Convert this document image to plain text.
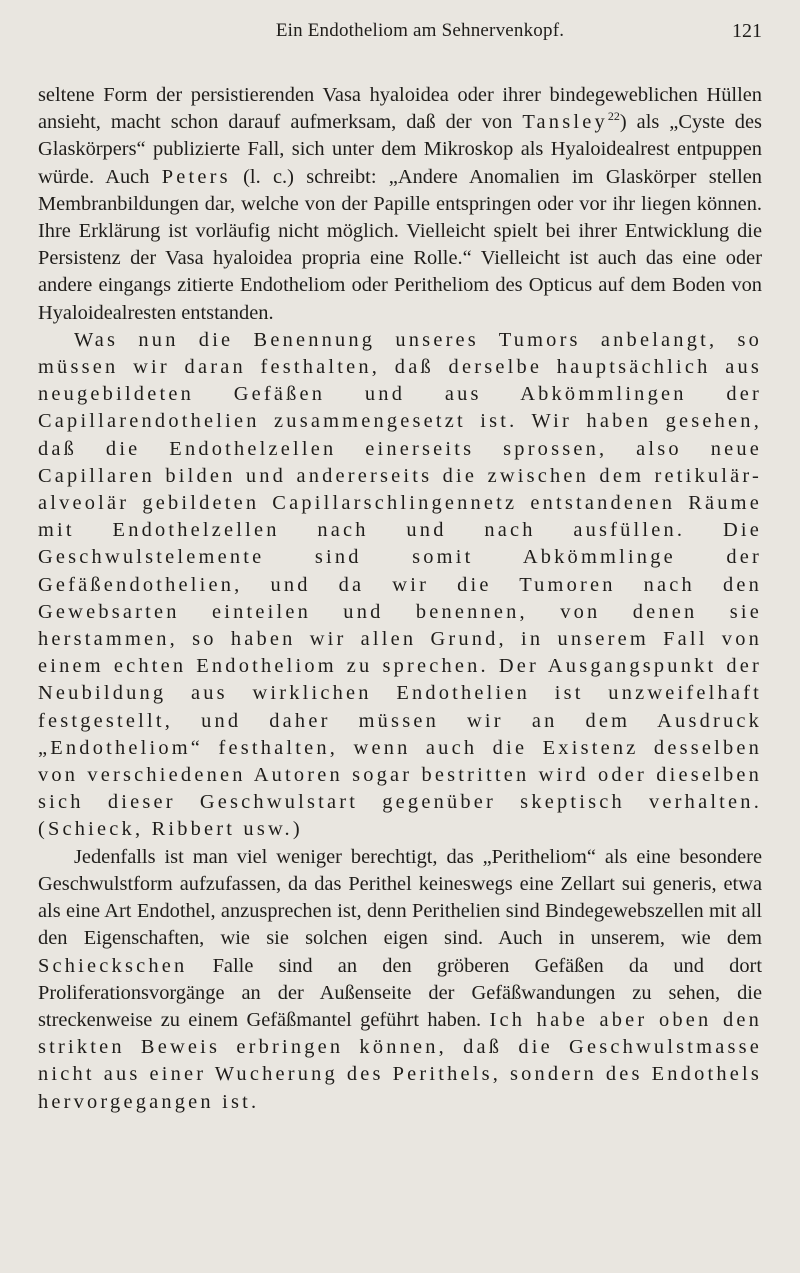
Ein Endotheliom am Sehnervenkopf.	121

seltene Form der persistierenden Vasa hyaloidea oder ihrer bindegeweblichen Hüllen ansieht, macht schon darauf aufmerksam, daß der von Tansley$^{22}$) als „Cyste des Glaskörpers“ publizierte Fall, sich unter dem Mikroskop als Hyaloidealrest entpuppen würde. Auch Peters (l. c.) schreibt: „Andere Anomalien im Glaskörper stellen Membranbildungen dar, welche von der Papille entspringen oder vor ihr liegen können. Ihre Erklärung ist vorläufig nicht möglich. Vielleicht spielt bei ihrer Entwicklung die Persistenz der Vasa hyaloidea propria eine Rolle.“ Vielleicht ist auch das eine oder andere eingangs zitierte Endotheliom oder Peritheliom des Opticus auf dem Boden von Hyaloidealresten entstanden.

Was nun die Benennung unseres Tumors anbelangt, so müssen wir daran festhalten, daß derselbe hauptsächlich aus neugebildeten Gefäßen und aus Abkömmlingen der Capillarendothelien zusammengesetzt ist. Wir haben gesehen, daß die Endothelzellen einerseits sprossen, also neue Capillaren bilden und andererseits die zwischen dem retikulär-alveolär gebildeten Capillarschlingennetz entstandenen Räume mit Endothelzellen nach und nach ausfüllen. Die Geschwulstelemente sind somit Abkömmlinge der Gefäßendothelien, und da wir die Tumoren nach den Gewebsarten einteilen und benennen, von denen sie herstammen, so haben wir allen Grund, in unserem Fall von einem echten Endotheliom zu sprechen. Der Ausgangspunkt der Neubildung aus wirklichen Endothelien ist unzweifelhaft festgestellt, und daher müssen wir an dem Ausdruck „Endotheliom“ festhalten, wenn auch die Existenz desselben von verschiedenen Autoren sogar bestritten wird oder dieselben sich dieser Geschwulstart gegenüber skeptisch verhalten. (Schieck, Ribbert usw.)

Jedenfalls ist man viel weniger berechtigt, das „Peritheliom“ als eine besondere Geschwulstform aufzufassen, da das Perithel keineswegs eine Zellart sui generis, etwa als eine Art Endothel, anzusprechen ist, denn Perithelien sind Bindegewebszellen mit all den Eigenschaften, wie sie solchen eigen sind. Auch in unserem, wie dem Schieckschen Falle sind an den gröberen Gefäßen da und dort Proliferationsvorgänge an der Außenseite der Gefäßwandungen zu sehen, die streckenweise zu einem Gefäßmantel geführt haben. Ich habe aber oben den strikten Beweis erbringen können, daß die Geschwulstmasse nicht aus einer Wucherung des Perithels, sondern des Endothels hervorgegangen ist.
